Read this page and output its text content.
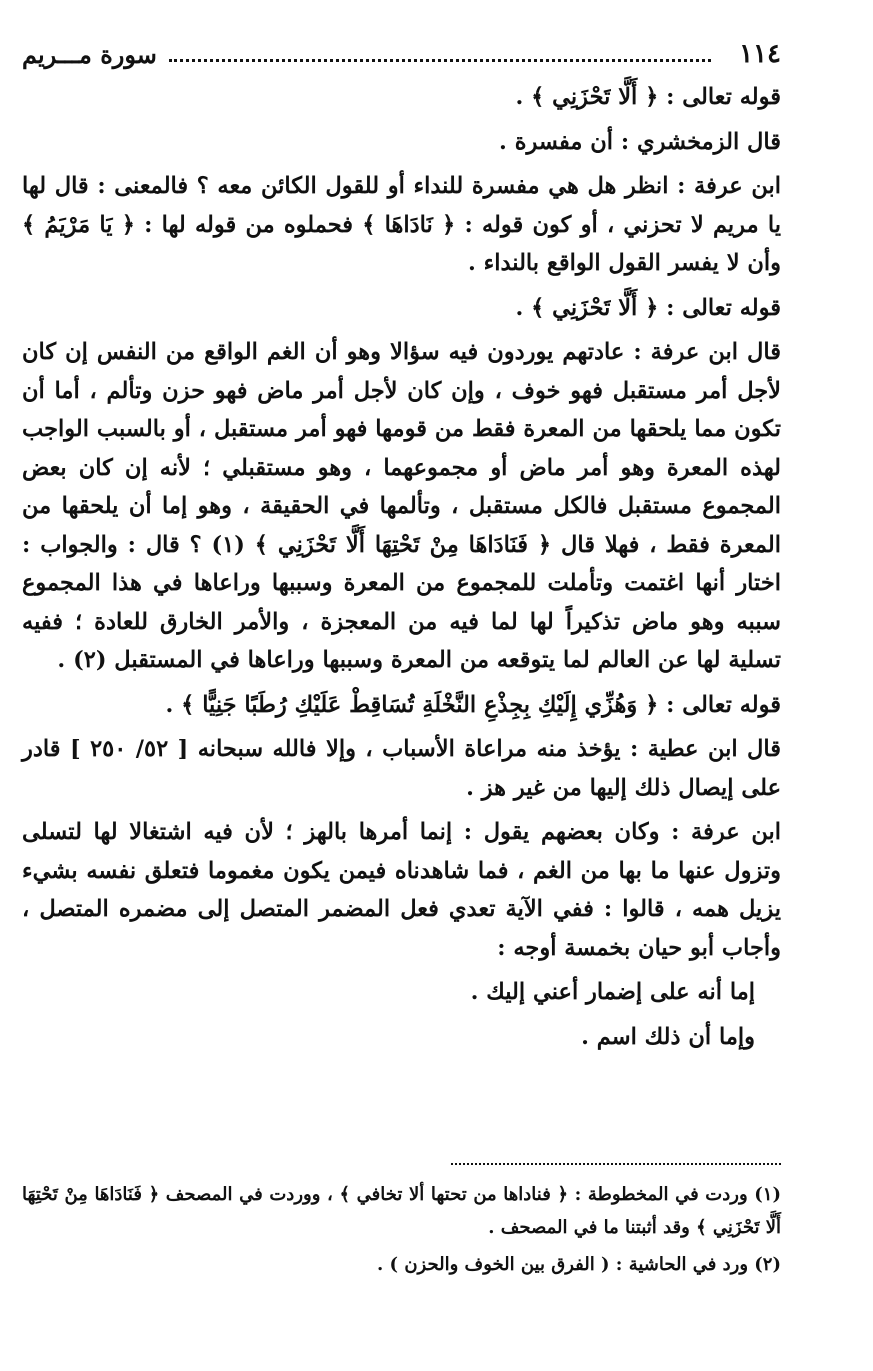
١١٤
سورة مـــريم

قوله تعالى : ﴿ أَلَّا تَحْزَنِي ﴾ .

قال الزمخشري : أن مفسرة .

ابن عرفة : انظر هل هي مفسرة للنداء أو للقول الكائن معه ؟ فالمعنى : قال لها يا مريم لا تحزني ، أو كون قوله : ﴿ نَادَاهَا ﴾ فحملوه من قوله لها : ﴿ يَا مَرْيَمُ ﴾ وأن لا يفسر القول الواقع بالنداء .

قوله تعالى : ﴿ أَلَّا تَحْزَنِي ﴾ .

قال ابن عرفة : عادتهم يوردون فيه سؤالا وهو أن الغم الواقع من النفس إن كان لأجل أمر مستقبل فهو خوف ، وإن كان لأجل أمر ماض فهو حزن وتألم ، أما أن تكون مما يلحقها من المعرة فقط من قومها فهو أمر مستقبل ، أو بالسبب الواجب لهذه المعرة وهو أمر ماض أو مجموعهما ، وهو مستقبلي ؛ لأنه إن كان بعض المجموع مستقبل فالكل مستقبل ، وتألمها في الحقيقة ، وهو إما أن يلحقها من المعرة فقط ، فهلا قال ﴿ فَنَادَاهَا مِنْ تَحْتِهَا أَلَّا تَحْزَنِي ﴾ (١) ؟ قال : والجواب : اختار أنها اغتمت وتأملت للمجموع من المعرة وسببها وراعاها في هذا المجموع سببه وهو ماض تذكيراً لها لما فيه من المعجزة ، والأمر الخارق للعادة ؛ ففيه تسلية لها عن العالم لما يتوقعه من المعرة وسببها وراعاها في المستقبل (٢) .

قوله تعالى : ﴿ وَهُزِّي إِلَيْكِ بِجِذْعِ النَّخْلَةِ تُسَاقِطْ عَلَيْكِ رُطَبًا جَنِيًّا ﴾ .

قال ابن عطية : يؤخذ منه مراعاة الأسباب ، وإلا فالله سبحانه [ ٥٢/ ٢٥٠ ] قادر على إيصال ذلك إليها من غير هز .

ابن عرفة : وكان بعضهم يقول : إنما أمرها بالهز ؛ لأن فيه اشتغالا لها لتسلى وتزول عنها ما بها من الغم ، فما شاهدناه فيمن يكون مغموما فتعلق نفسه بشيء يزيل همه ، قالوا : ففي الآية تعدي فعل المضمر المتصل إلى مضمره المتصل ، وأجاب أبو حيان بخمسة أوجه :

إما أنه على إضمار أعني إليك .

وإما أن ذلك اسم .

(١) وردت في المخطوطة : ﴿ فناداها من تحتها ألا تخافي ﴾ ، ووردت في المصحف ﴿ فَنَادَاهَا مِنْ تَحْتِهَا أَلَّا تَحْزَنِي ﴾ وقد أثبتنا ما في المصحف .

(٢) ورد في الحاشية : ( الفرق بين الخوف والحزن ) .
